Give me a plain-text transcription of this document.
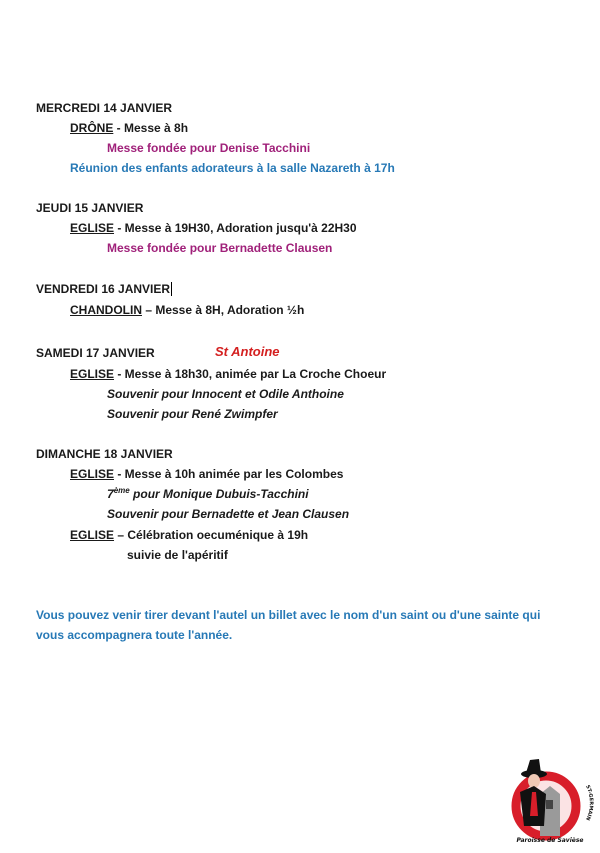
MERCREDI 14 JANVIER
DRÔNE - Messe à 8h
Messe fondée pour Denise Tacchini
Réunion des enfants adorateurs à la salle Nazareth à 17h
JEUDI 15 JANVIER
EGLISE - Messe à 19H30, Adoration jusqu'à 22H30
Messe fondée pour Bernadette Clausen
VENDREDI 16 JANVIER
CHANDOLIN – Messe à 8H, Adoration ½h
SAMEDI 17 JANVIER	St Antoine
EGLISE - Messe à 18h30, animée par La Croche Choeur
Souvenir pour Innocent et Odile Anthoine
Souvenir pour René Zwimpfer
DIMANCHE 18 JANVIER
EGLISE - Messe à 10h animée par les Colombes
7ème pour Monique Dubuis-Tacchini
Souvenir pour Bernadette et Jean Clausen
EGLISE – Célébration oecuménique à 19h
suivie de l'apéritif
Vous pouvez venir tirer devant l'autel un billet avec le nom d'un saint ou d'une sainte qui
vous accompagnera toute l'année.
ST-GERMAIN
Paroisse de Savièse
